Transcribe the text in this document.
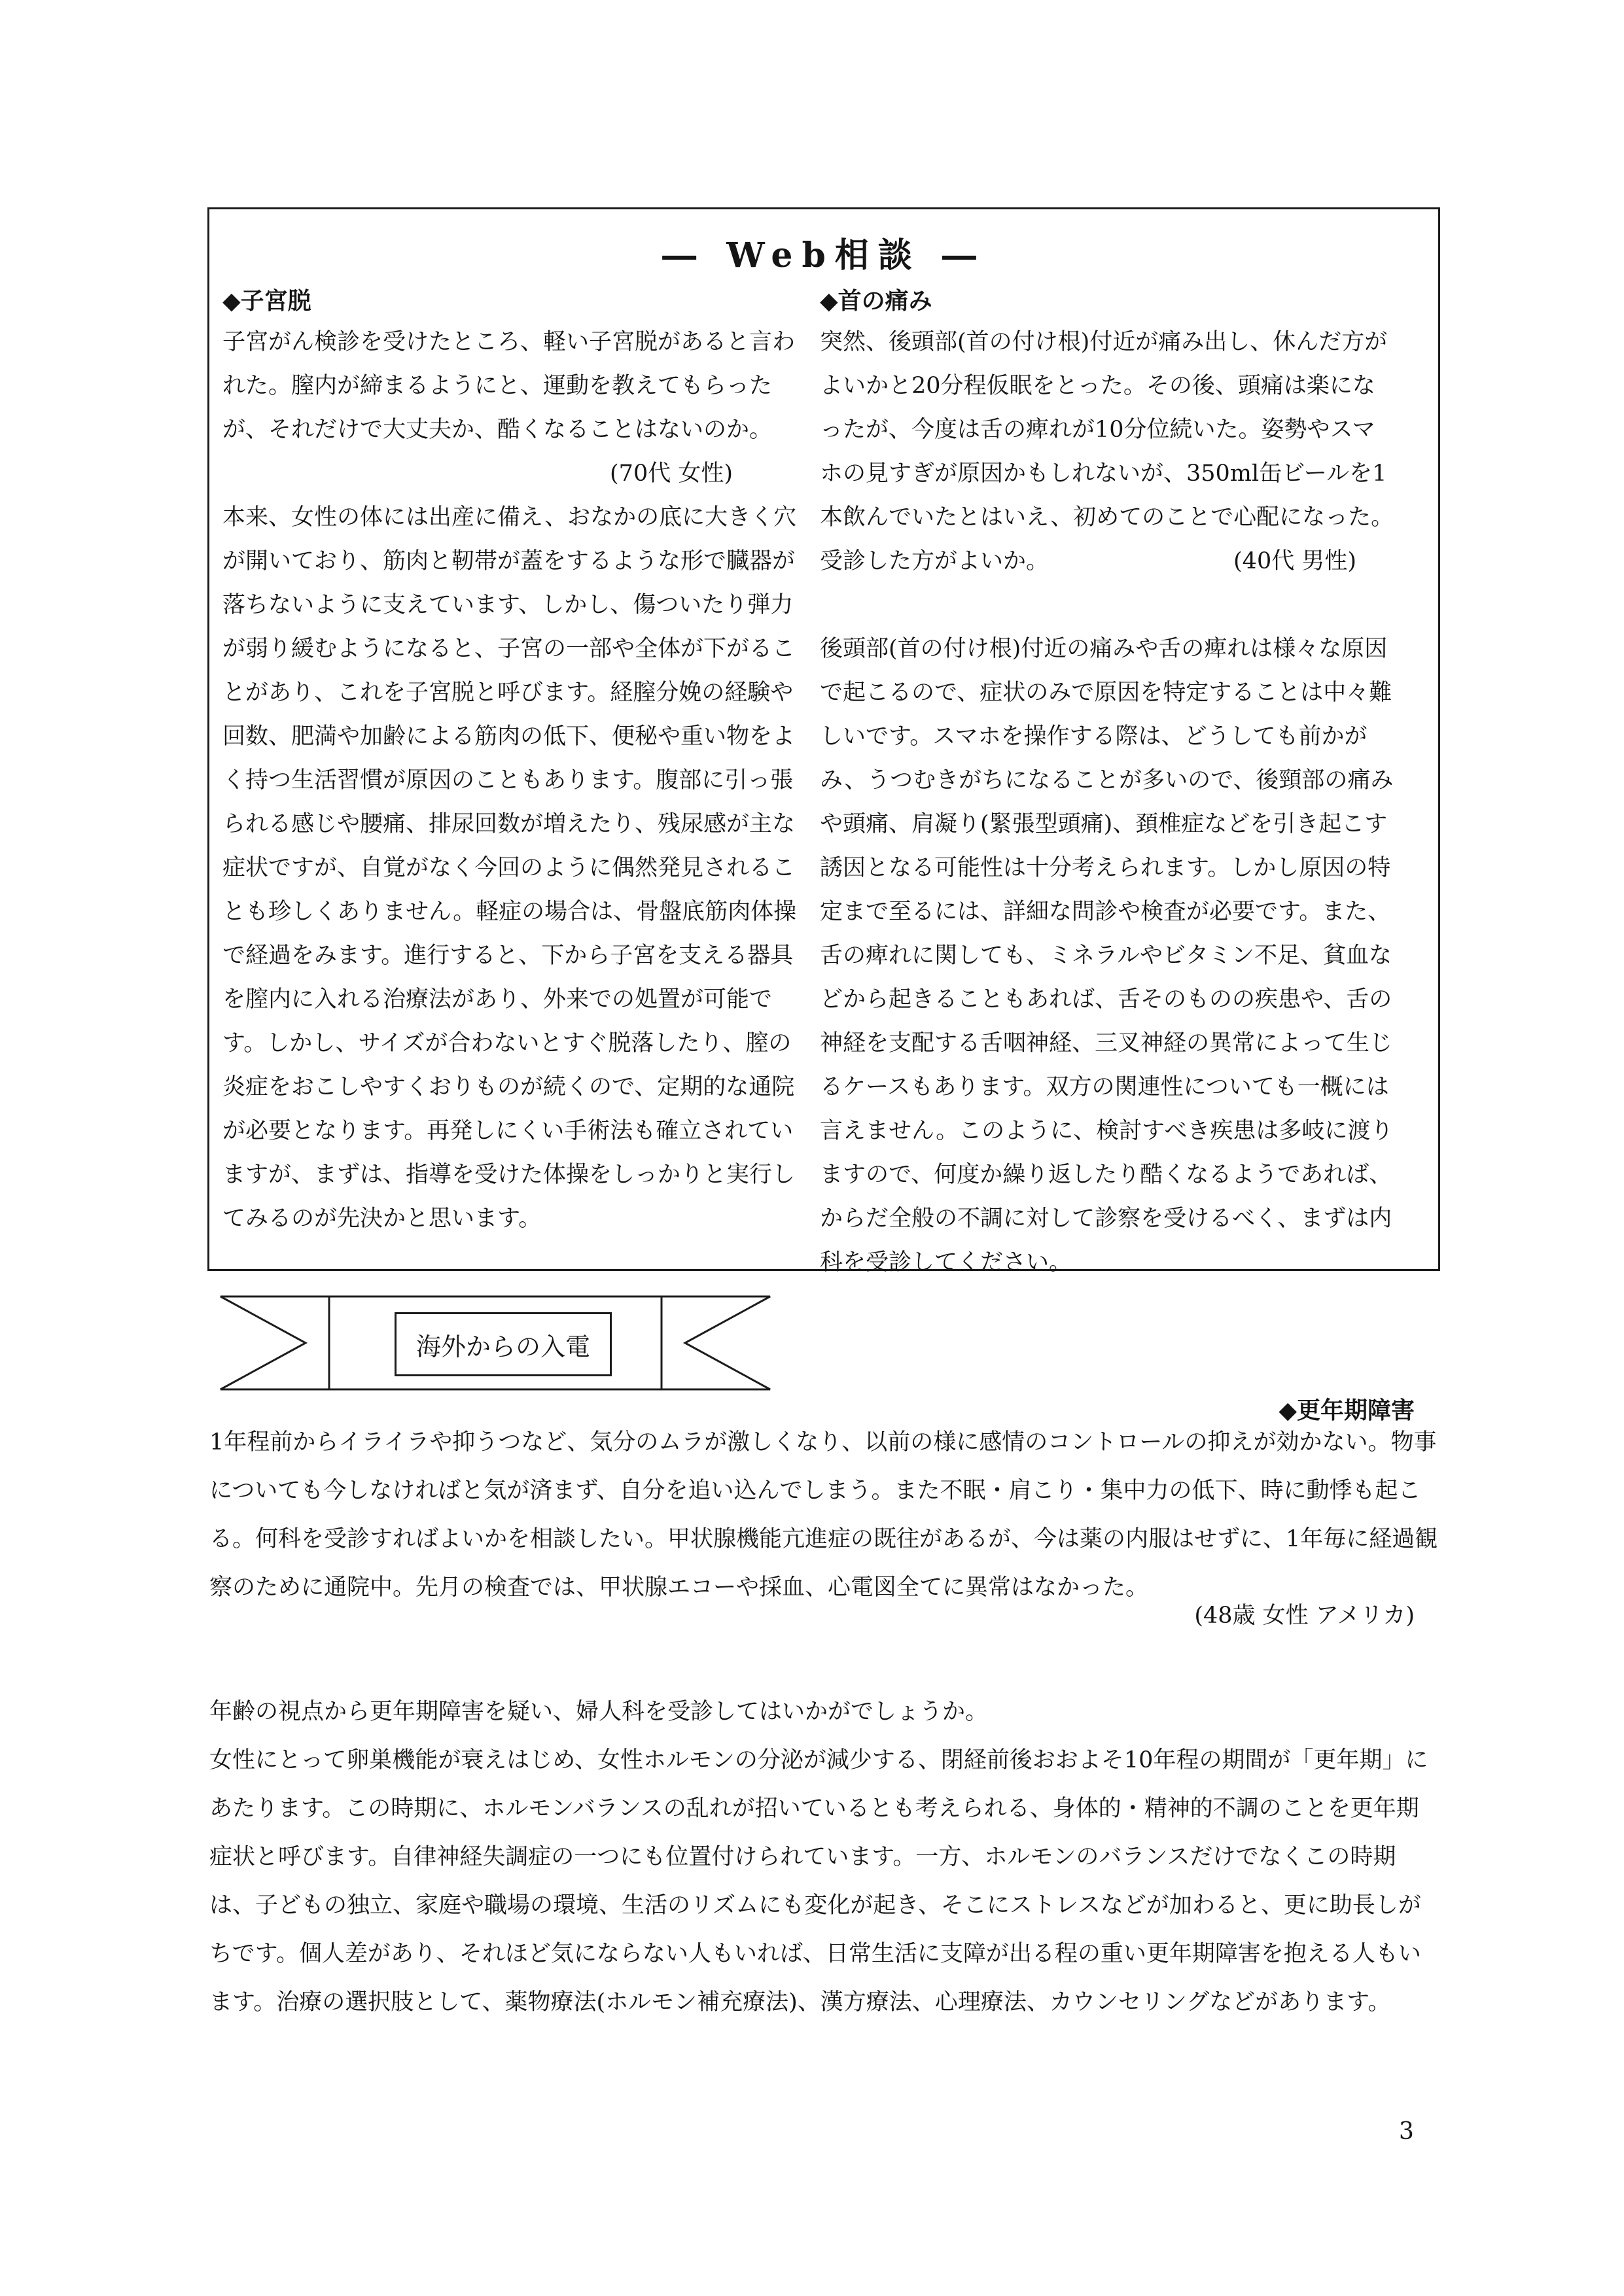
― Web相談 ―

◆子宮脱

子宮がん検診を受けたところ、軽い子宮脱があると言われた。膣内が締まるようにと、運動を教えてもらったが、それだけで大丈夫か、酷くなることはないのか。
(70代 女性)

本来、女性の体には出産に備え、おなかの底に大きく穴が開いており、筋肉と靭帯が蓋をするような形で臓器が落ちないように支えています、しかし、傷ついたり弾力が弱り緩むようになると、子宮の一部や全体が下がることがあり、これを子宮脱と呼びます。経膣分娩の経験や回数、肥満や加齢による筋肉の低下、便秘や重い物をよく持つ生活習慣が原因のこともあります。腹部に引っ張られる感じや腰痛、排尿回数が増えたり、残尿感が主な症状ですが、自覚がなく今回のように偶然発見されることも珍しくありません。軽症の場合は、骨盤底筋肉体操で経過をみます。進行すると、下から子宮を支える器具を膣内に入れる治療法があり、外来での処置が可能です。しかし、サイズが合わないとすぐ脱落したり、膣の炎症をおこしやすくおりものが続くので、定期的な通院が必要となります。再発しにくい手術法も確立されていますが、まずは、指導を受けた体操をしっかりと実行してみるのが先決かと思います。

◆首の痛み

突然、後頭部(首の付け根)付近が痛み出し、休んだ方がよいかと20分程仮眠をとった。その後、頭痛は楽になったが、今度は舌の痺れが10分位続いた。姿勢やスマホの見すぎが原因かもしれないが、350ml缶ビールを1本飲んでいたとはいえ、初めてのことで心配になった。受診した方がよいか。	(40代 男性)

後頭部(首の付け根)付近の痛みや舌の痺れは様々な原因で起こるので、症状のみで原因を特定することは中々難しいです。スマホを操作する際は、どうしても前かがみ、うつむきがちになることが多いので、後頸部の痛みや頭痛、肩凝り(緊張型頭痛)、頚椎症などを引き起こす誘因となる可能性は十分考えられます。しかし原因の特定まで至るには、詳細な問診や検査が必要です。また、舌の痺れに関しても、ミネラルやビタミン不足、貧血などから起きることもあれば、舌そのものの疾患や、舌の神経を支配する舌咽神経、三叉神経の異常によって生じるケースもあります。双方の関連性についても一概には言えません。このように、検討すべき疾患は多岐に渡りますので、何度か繰り返したり酷くなるようであれば、からだ全般の不調に対して診察を受けるべく、まずは内科を受診してください。

海外からの入電
◆更年期障害

1年程前からイライラや抑うつなど、気分のムラが激しくなり、以前の様に感情のコントロールの抑えが効かない。物事についても今しなければと気が済まず、自分を追い込んでしまう。また不眠・肩こり・集中力の低下、時に動悸も起こる。何科を受診すればよいかを相談したい。甲状腺機能亢進症の既往があるが、今は薬の内服はせずに、1年毎に経過観察のために通院中。先月の検査では、甲状腺エコーや採血、心電図全てに異常はなかった。

(48歳 女性 アメリカ)

年齢の視点から更年期障害を疑い、婦人科を受診してはいかがでしょうか。

女性にとって卵巣機能が衰えはじめ、女性ホルモンの分泌が減少する、閉経前後おおよそ10年程の期間が「更年期」にあたります。この時期に、ホルモンバランスの乱れが招いているとも考えられる、身体的・精神的不調のことを更年期症状と呼びます。自律神経失調症の一つにも位置付けられています。一方、ホルモンのバランスだけでなくこの時期は、子どもの独立、家庭や職場の環境、生活のリズムにも変化が起き、そこにストレスなどが加わると、更に助長しがちです。個人差があり、それほど気にならない人もいれば、日常生活に支障が出る程の重い更年期障害を抱える人もいます。治療の選択肢として、薬物療法(ホルモン補充療法)、漢方療法、心理療法、カウンセリングなどがあります。

3
